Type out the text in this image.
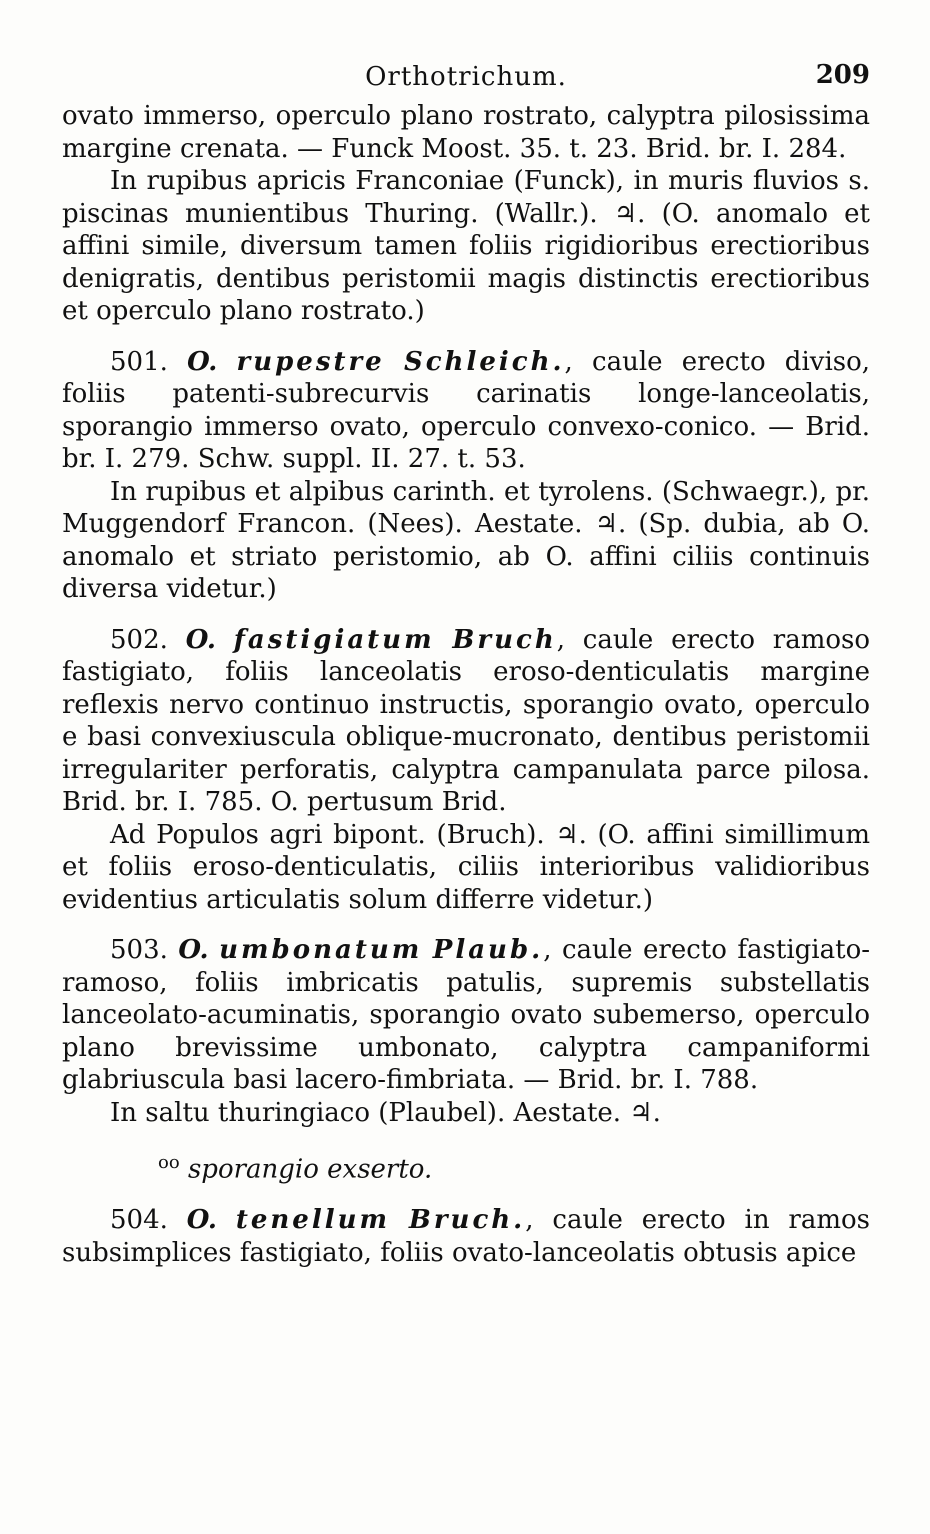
Orthotrichum.	209

ovato immerso, operculo plano rostrato, calyptra pilosissima margine crenata. — Funck Moost. 35. t. 23. Brid. br. I. 284.

In rupibus apricis Franconiae (Funck), in muris fluvios s. piscinas munientibus Thuring. (Wallr.). ♃. (O. anomalo et affini simile, diversum tamen foliis rigidioribus erectioribus denigratis, dentibus peristomii magis distinctis erectioribus et operculo plano rostrato.)

501. O. rupestre Schleich., caule erecto diviso, foliis patenti-subrecurvis carinatis longe-lanceolatis, sporangio immerso ovato, operculo convexo-conico. — Brid. br. I. 279. Schw. suppl. II. 27. t. 53.

In rupibus et alpibus carinth. et tyrolens. (Schwaegr.), pr. Muggendorf Francon. (Nees). Aestate. ♃. (Sp. dubia, ab O. anomalo et striato peristomio, ab O. affini ciliis continuis diversa videtur.)

502. O. fastigiatum Bruch, caule erecto ramoso fastigiato, foliis lanceolatis eroso-denticulatis margine reflexis nervo continuo instructis, sporangio ovato, operculo e basi convexiuscula oblique-mucronato, dentibus peristomii irregulariter perforatis, calyptra campanulata parce pilosa. Brid. br. I. 785. O. pertusum Brid.

Ad Populos agri bipont. (Bruch). ♃. (O. affini simillimum et foliis eroso-denticulatis, ciliis interioribus validioribus evidentius articulatis solum differre videtur.)

503. O. umbonatum Plaub., caule erecto fastigiato-ramoso, foliis imbricatis patulis, supremis substellatis lanceolato-acuminatis, sporangio ovato subemerso, operculo plano brevissime umbonato, calyptra campaniformi glabriuscula basi lacero-fimbriata. — Brid. br. I. 788.

In saltu thuringiaco (Plaubel). Aestate. ♃.

$^{oo}$ sporangio exserto.

504. O. tenellum Bruch., caule erecto in ramos subsimplices fastigiato, foliis ovato-lanceolatis obtusis apice
